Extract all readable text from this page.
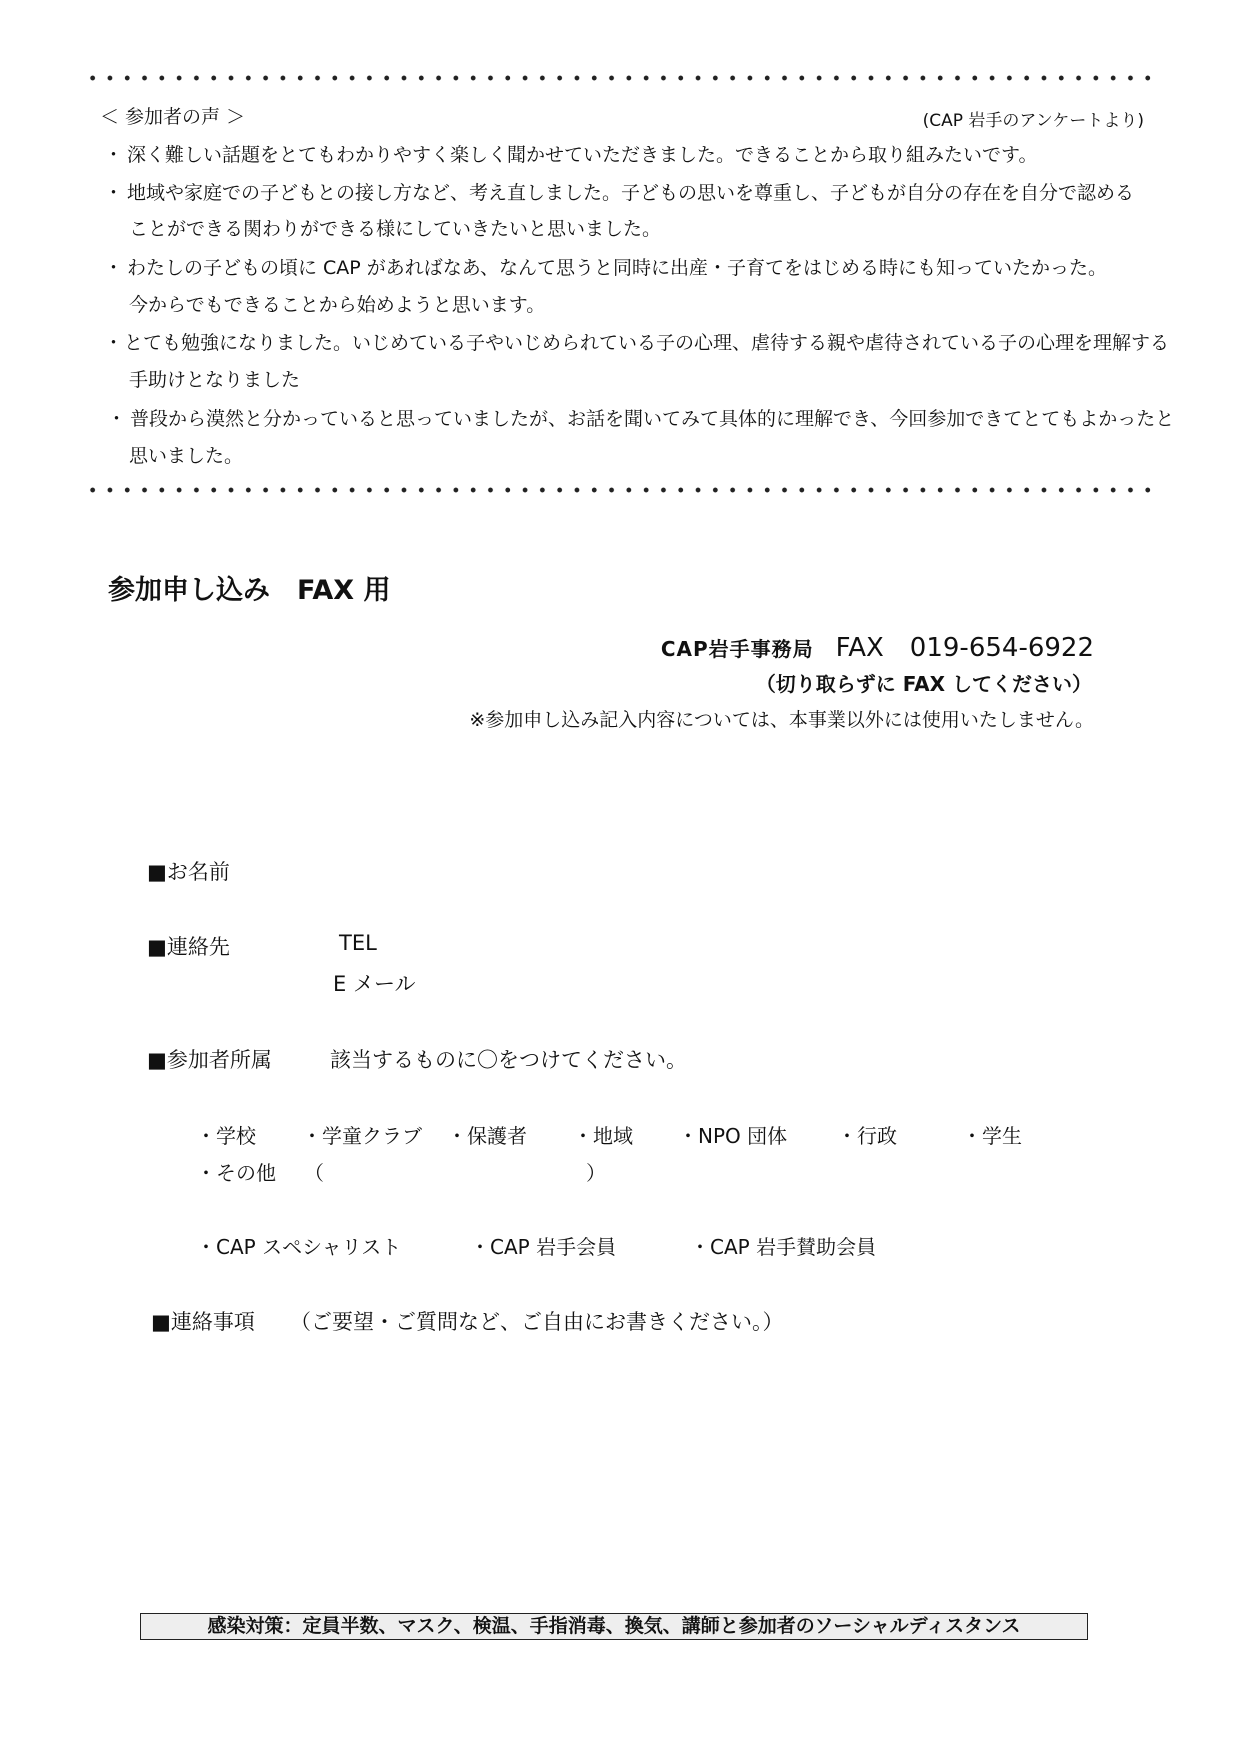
＜ 参加者の声 ＞	(CAP 岩手のアンケートより)
・ 深く難しい話題をとてもわかりやすく楽しく聞かせていただきました。できることから取り組みたいです。
・ 地域や家庭での子どもとの接し方など、考え直しました。子どもの思いを尊重し、子どもが自分の存在を自分で認める
ことができる関わりができる様にしていきたいと思いました。
・ わたしの子どもの頃に CAP があればなあ、なんて思うと同時に出産・子育てをはじめる時にも知っていたかった。
今からでもできることから始めようと思います。
・ とても勉強になりました。いじめている子やいじめられている子の心理、虐待する親や虐待されている子の心理を理解する
手助けとなりました
・ 普段から漠然と分かっていると思っていましたが、お話を聞いてみて具体的に理解でき、今回参加できてとてもよかったと
思いました。
参加申し込み　FAX 用
CAP岩手事務局 FAX　019-654-6922
（切り取らずに FAX してください）
※参加申し込み記入内容については、本事業以外には使用いたしません。
■お名前
■連絡先	TEL
E メール
■参加者所属	該当するものに〇をつけてください。
・学校 ・学童クラブ ・保護者 ・地域 ・NPO 団体 ・行政	・学生
・その他 （	）
・CAP スペシャリスト	・CAP 岩手会員	・CAP 岩手賛助会員
■連絡事項 （ご要望・ご質問など、ご自由にお書きください。）
感染対策：定員半数、マスク、検温、手指消毒、換気、講師と参加者のソーシャルディスタンス
